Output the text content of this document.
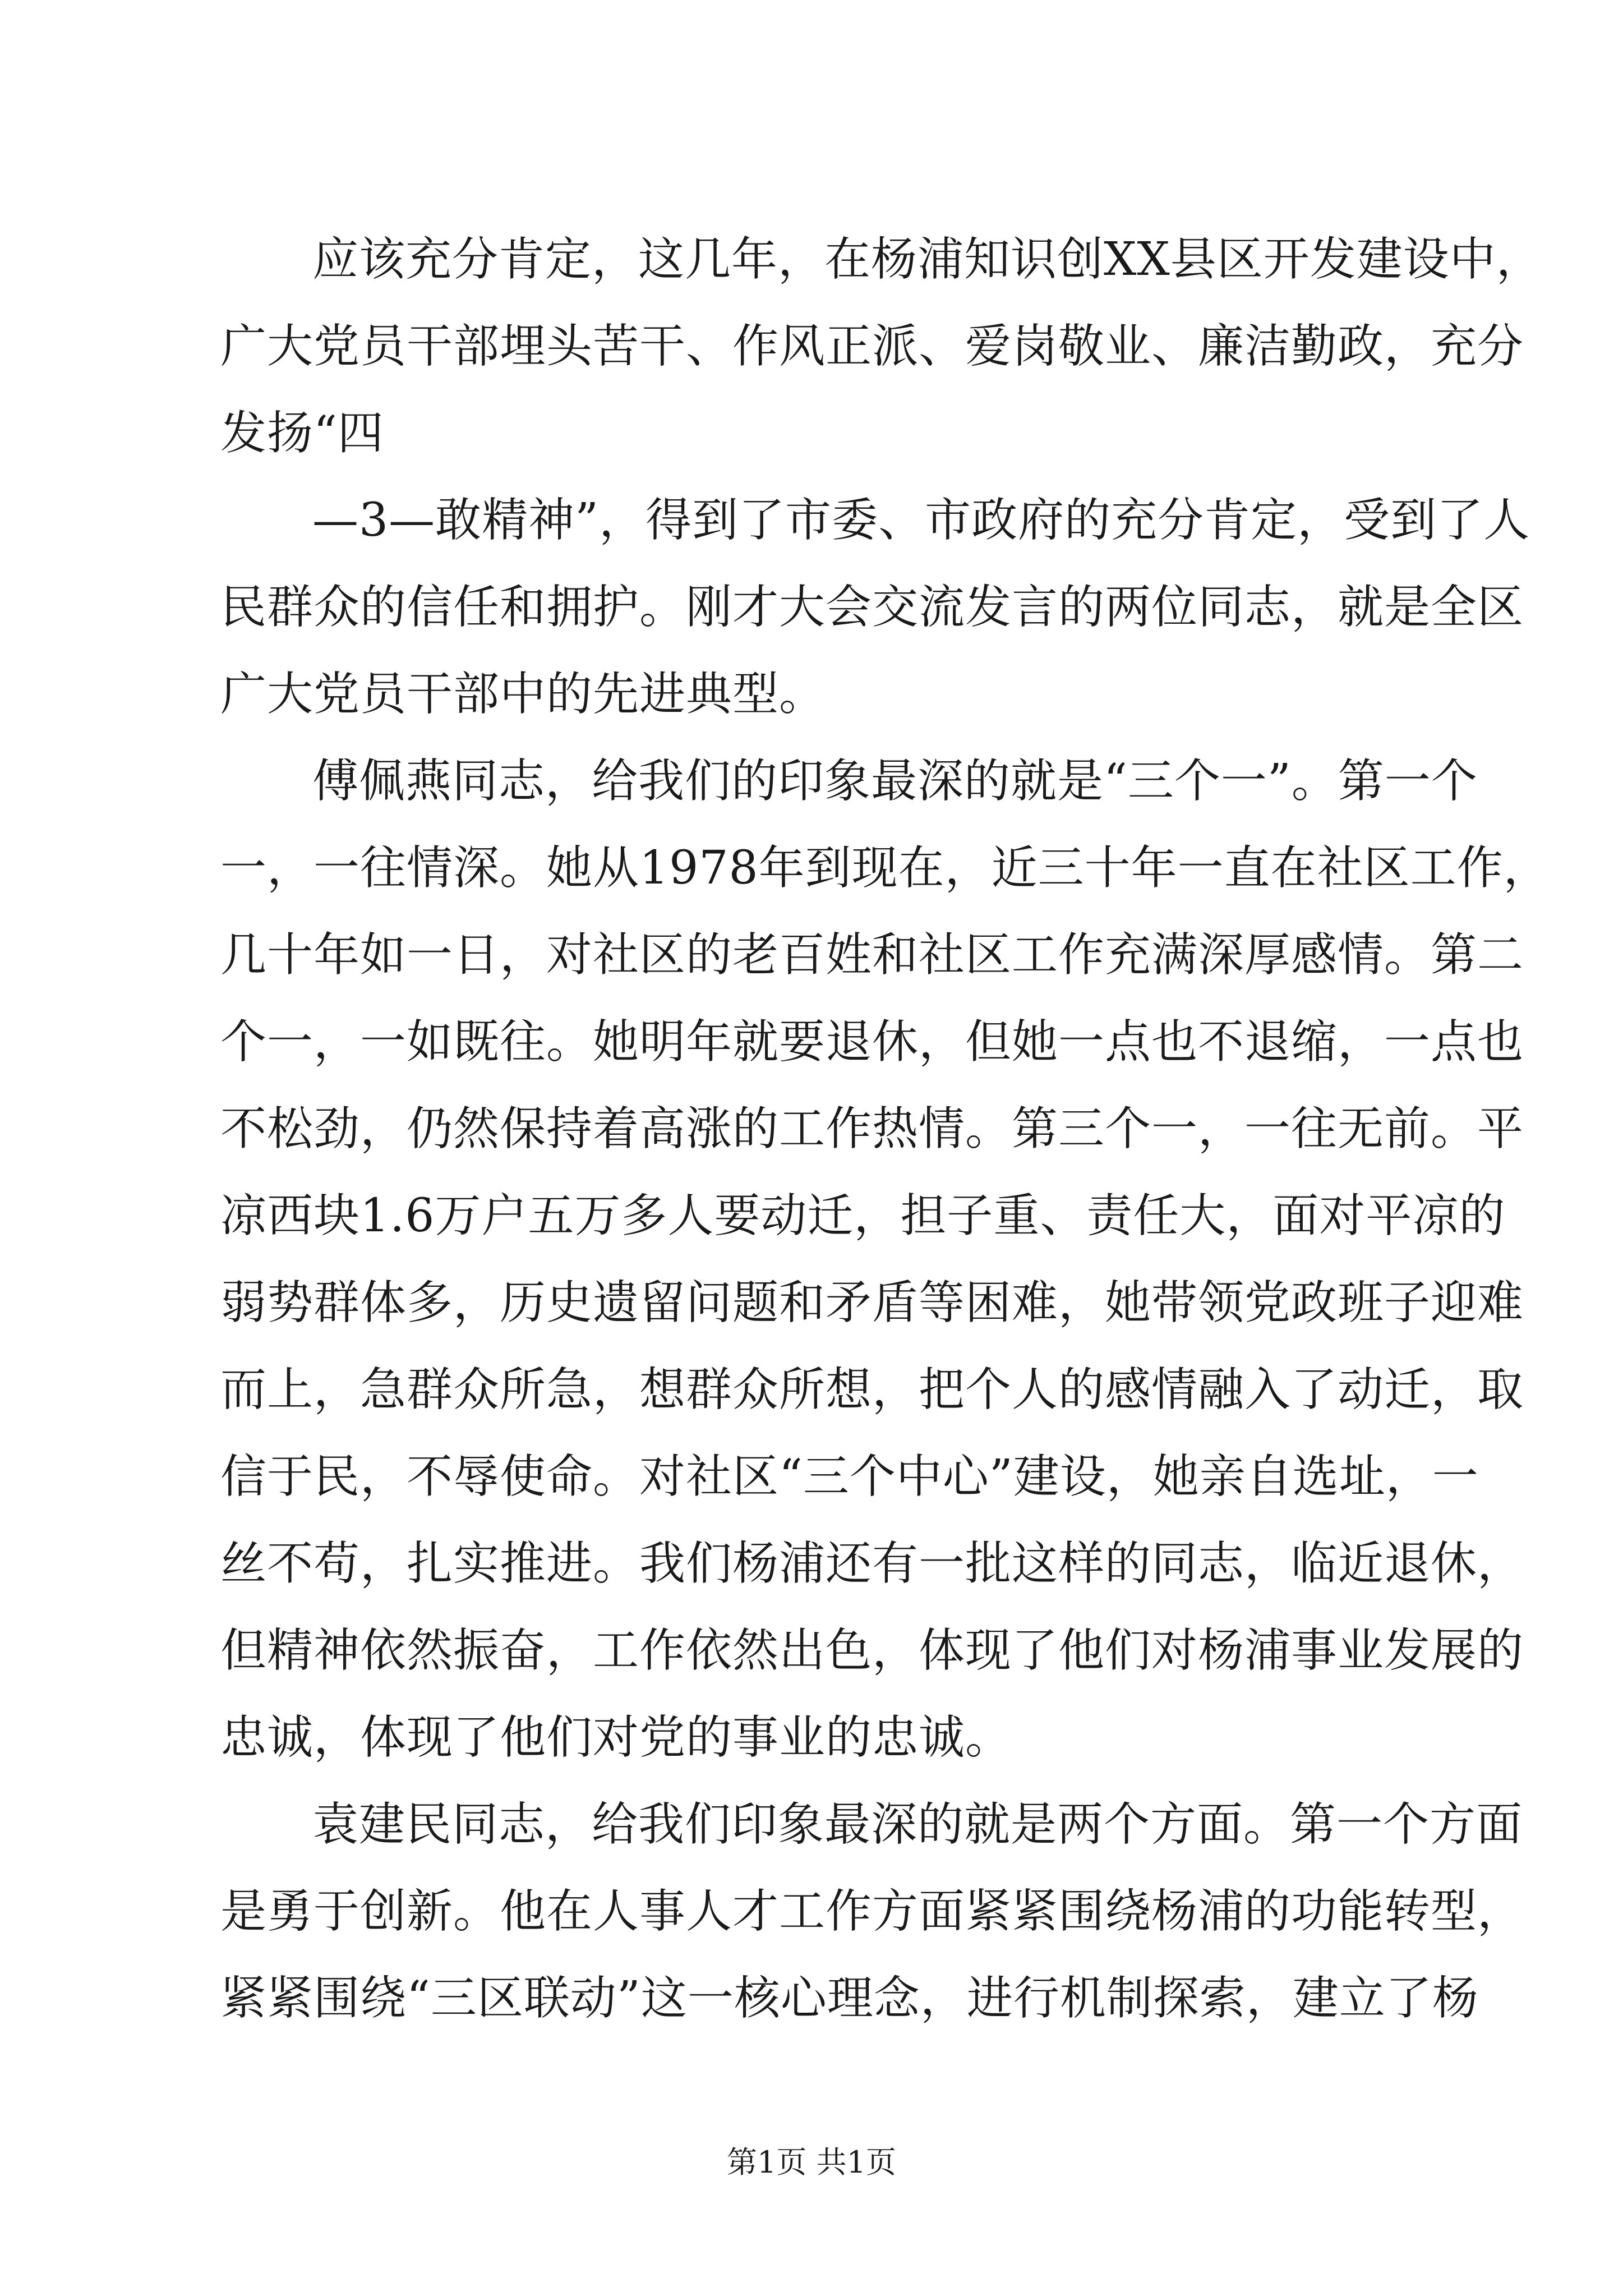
应该充分肯定，这几年，在杨浦知识创XX县区开发建设中，
广大党员干部埋头苦干、作风正派、爱岗敬业、廉洁勤政，充分
发扬“四
—3—敢精神”，得到了市委、市政府的充分肯定，受到了人
民群众的信任和拥护。刚才大会交流发言的两位同志，就是全区
广大党员干部中的先进典型。
傅佩燕同志，给我们的印象最深的就是“三个一”。第一个
一，一往情深。她从1978年到现在，近三十年一直在社区工作，
几十年如一日，对社区的老百姓和社区工作充满深厚感情。第二
个一，一如既往。她明年就要退休，但她一点也不退缩，一点也
不松劲，仍然保持着高涨的工作热情。第三个一，一往无前。平
凉西块1.6万户五万多人要动迁，担子重、责任大，面对平凉的
弱势群体多，历史遗留问题和矛盾等困难，她带领党政班子迎难
而上，急群众所急，想群众所想，把个人的感情融入了动迁，取
信于民，不辱使命。对社区“三个中心”建设，她亲自选址，一
丝不苟，扎实推进。我们杨浦还有一批这样的同志，临近退休，
但精神依然振奋，工作依然出色，体现了他们对杨浦事业发展的
忠诚，体现了他们对党的事业的忠诚。
袁建民同志，给我们印象最深的就是两个方面。第一个方面
是勇于创新。他在人事人才工作方面紧紧围绕杨浦的功能转型，
紧紧围绕“三区联动”这一核心理念，进行机制探索，建立了杨
第1页 共1页
